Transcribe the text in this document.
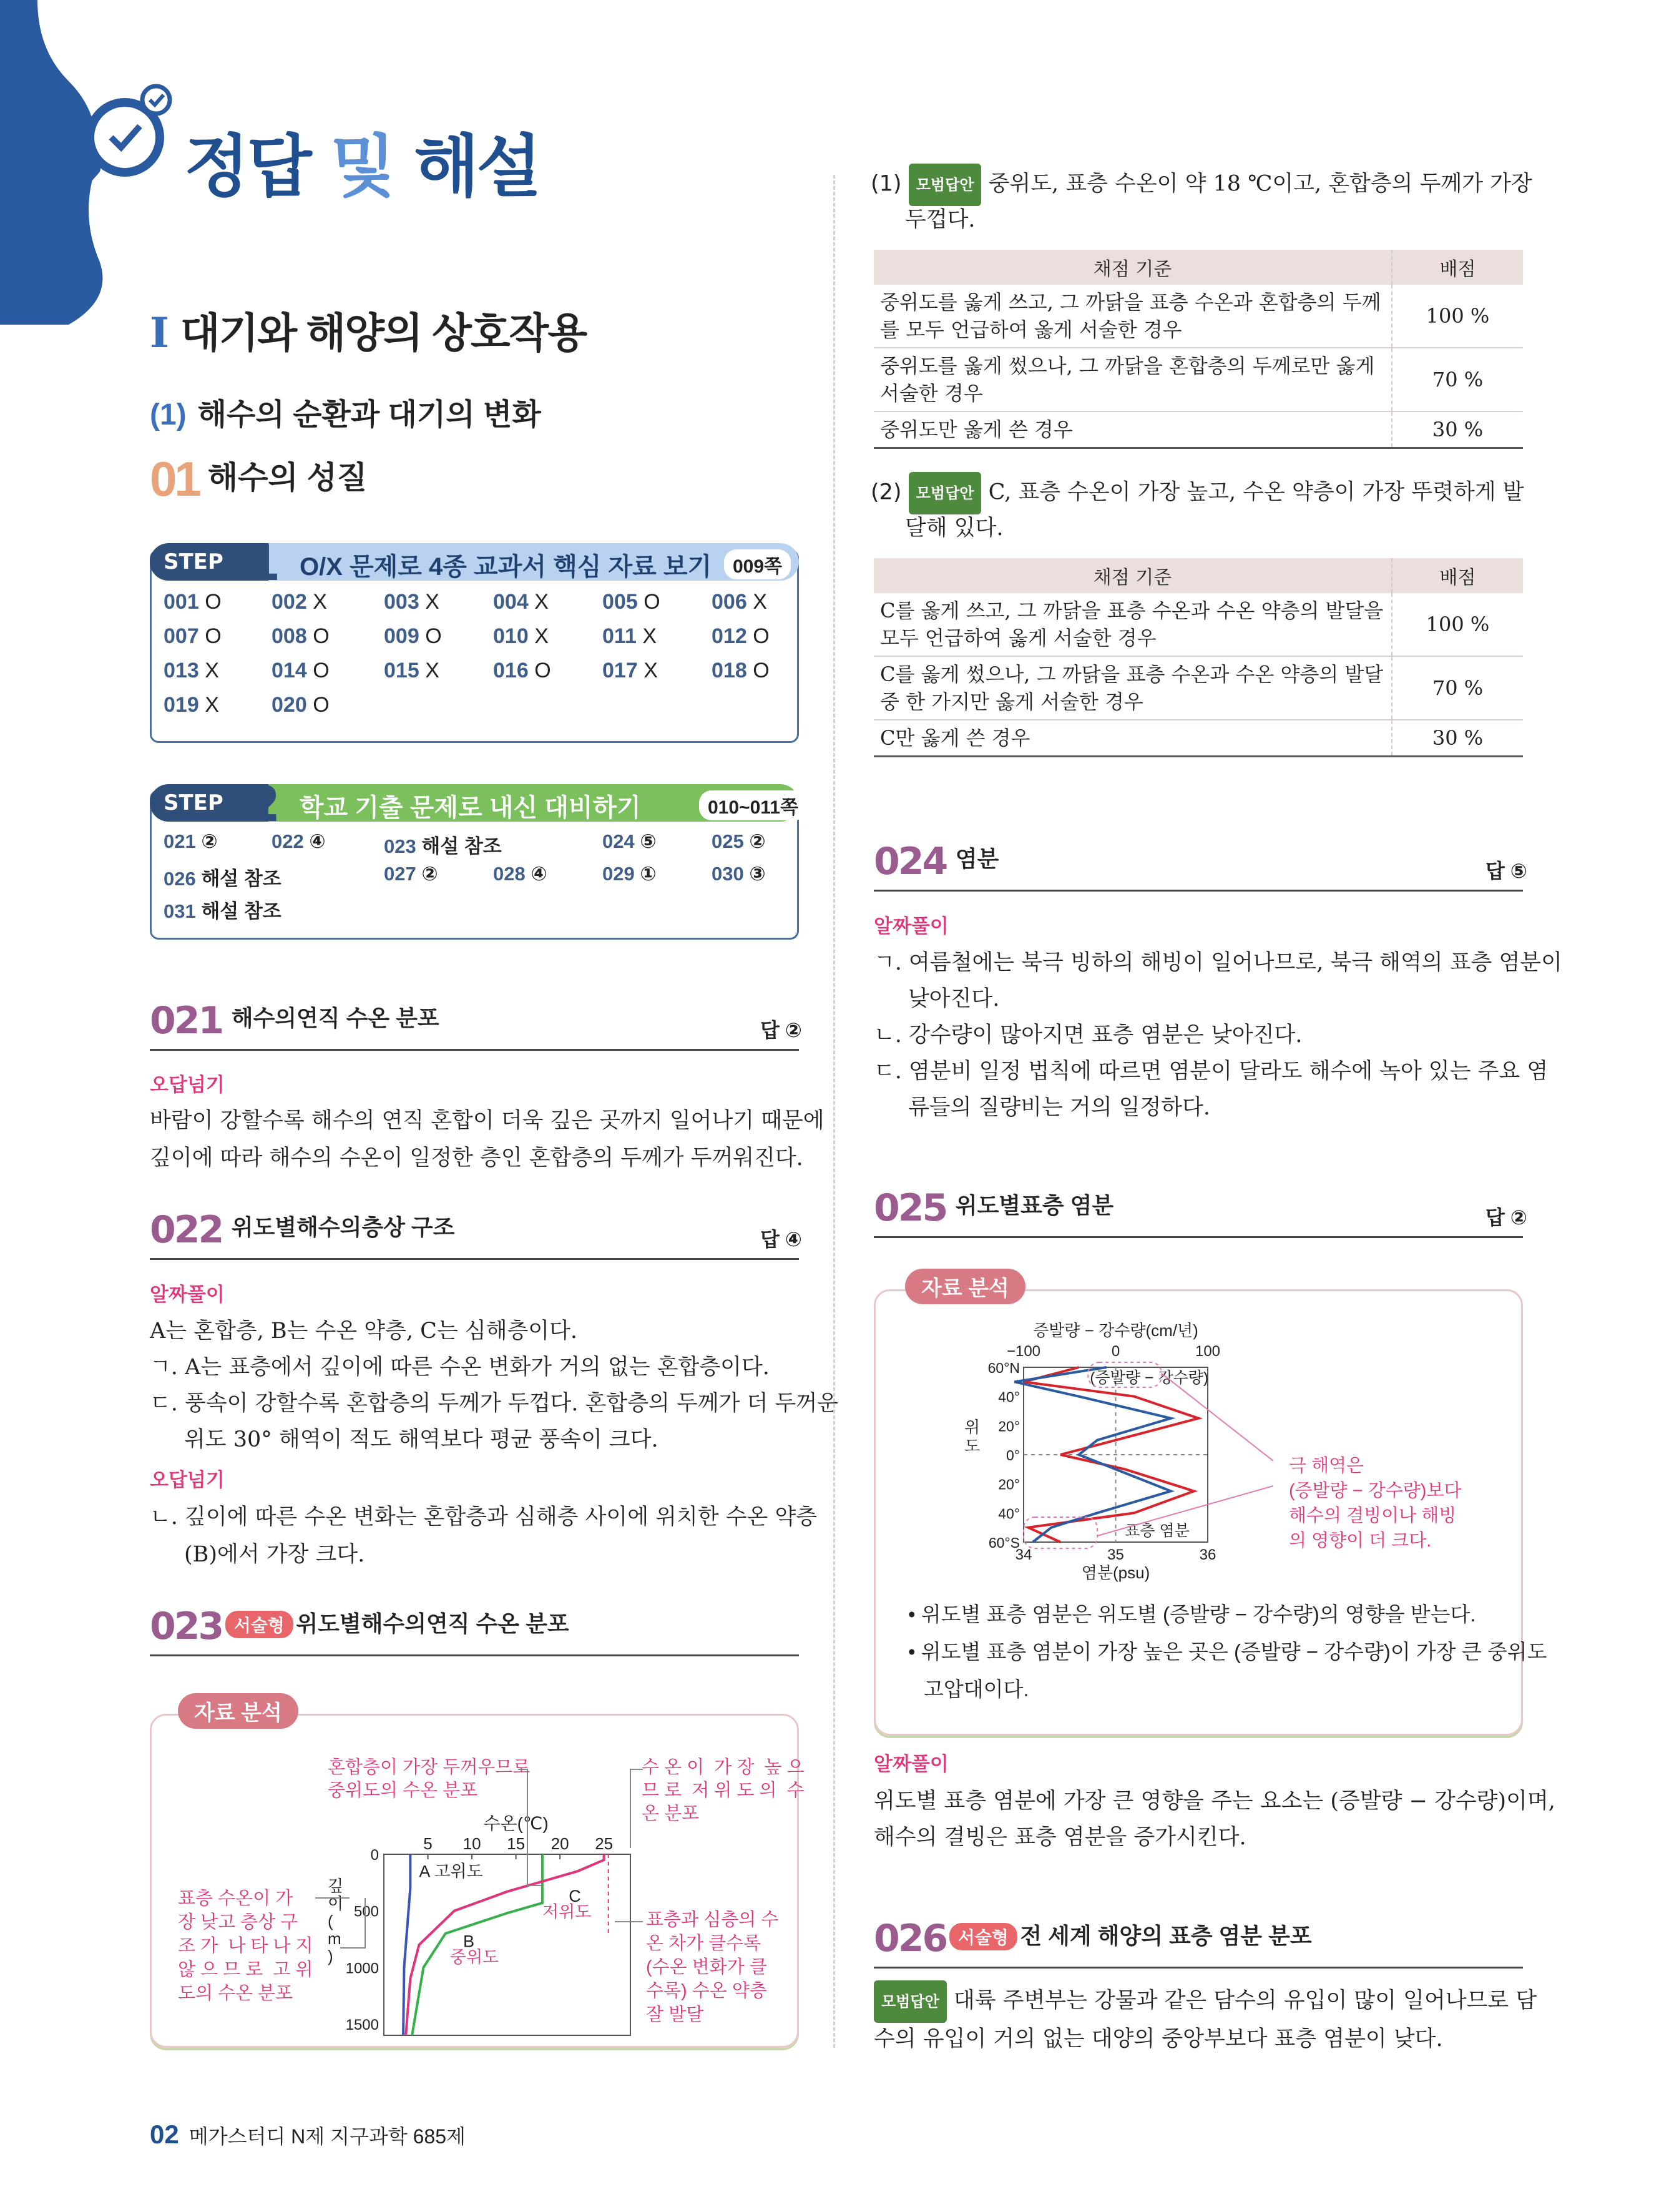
정답 및 해설
I 대기와 해양의 상호작용
(1) 해수의 순환과 대기의 변화
01 해수의 성질
STEP 1 O/X 문제로 4종 교과서 핵심 자료 보기	009쪽
001 O 002 X	003 X	004 X	005 O 006 X
007 O 008 O	009 O 010 X	011 X	012 O
013 X 014 O	015 X	016 O 017 X	018 O
019 X 020 O
STEP 2 학교 기출 문제로 내신 대비하기	010~011쪽
021 ②	022 ④	023 해설 참조	024 ⑤	025 ②
026 해설 참조	027 ②	028 ④	029 ①	030 ③
031 해설 참조
021 해수의연직 수온 분포	답 ②
오답넘기
바람이 강할수록 해수의 연직 혼합이 더욱 깊은 곳까지 일어나기 때문에
깊이에 따라 해수의 수온이 일정한 층인 혼합층의 두께가 두꺼워진다.
022 위도별해수의층상 구조	답 ④
알짜풀이
A는 혼합층, B는 수온 약층, C는 심해층이다.
ㄱ. A는 표층에서 깊이에 따른 수온 변화가 거의 없는 혼합층이다.
ㄷ. 풍속이 강할수록 혼합층의 두께가 두껍다. 혼합층의 두께가 더 두꺼운
위도 30° 해역이 적도 해역보다 평균 풍속이 크다.
오답넘기
ㄴ. 깊이에 따른 수온 변화는 혼합층과 심해층 사이에 위치한 수온 약층
(B)에서 가장 크다.
023 서술형 위도별해수의연직 수온 분포
자료 분석
혼합층이 가장 두꺼우므로
중위도의 수온 분포
수 온 이  가 장  높 으
므 로  저 위 도 의  수
온 분포
표층 수온이 가
장 낮고 층상 구
조 가  나 타 나 지
않 으 므 로  고 위
도의 수온 분포
표층과 심층의 수
온 차가 클수록
(수온 변화가 클
수록) 수온 약층
잘 발달
수온(℃)
5 10 15 20 25
0
500
1000
1500
깊
이
(
m
)
A 고위도
B
중위도
C
저위도
(1) 모범답안 중위도, 표층 수온이 약 18 ℃이고, 혼합층의 두께가 가장
두껍다.
채점 기준	배점
중위도를 옳게 쓰고, 그 까닭을 표층 수온과 혼합층의 두께를 모두 언급하여 옳게 서술한 경우	100 %
중위도를 옳게 썼으나, 그 까닭을 혼합층의 두께로만 옳게 서술한 경우	70 %
중위도만 옳게 쓴 경우	30 %
(2) 모범답안 C, 표층 수온이 가장 높고, 수온 약층이 가장 뚜렷하게 발
달해 있다.
채점 기준	배점
C를 옳게 쓰고, 그 까닭을 표층 수온과 수온 약층의 발달을 모두 언급하여 옳게 서술한 경우	100 %
C를 옳게 썼으나, 그 까닭을 표층 수온과 수온 약층의 발달 중 한 가지만 옳게 서술한 경우	70 %
C만 옳게 쓴 경우	30 %
024 염분	답 ⑤
알짜풀이
ㄱ. 여름철에는 북극 빙하의 해빙이 일어나므로, 북극 해역의 표층 염분이
낮아진다.
ㄴ. 강수량이 많아지면 표층 염분은 낮아진다.
ㄷ. 염분비 일정 법칙에 따르면 염분이 달라도 해수에 녹아 있는 주요 염
류들의 질량비는 거의 일정하다.
025 위도별표층 염분	답 ②
자료 분석
증발량 − 강수량(cm/년)
−100	0	100
60°N
40°
20°
0°
20°
40°
60°S
위
도
34	35	36
염분(psu)
(증발량 − 강수량)
표층 염분
극 해역은
(증발량 − 강수량)보다
해수의 결빙이나 해빙
의 영향이 더 크다.
• 위도별 표층 염분은 위도별 (증발량 − 강수량)의 영향을 받는다.
• 위도별 표층 염분이 가장 높은 곳은 (증발량 − 강수량)이 가장 큰 중위도
고압대이다.
알짜풀이
위도별 표층 염분에 가장 큰 영향을 주는 요소는 (증발량 − 강수량)이며,
해수의 결빙은 표층 염분을 증가시킨다.
026 서술형 전 세계 해양의 표층 염분 분포
모범답안 대륙 주변부는 강물과 같은 담수의 유입이 많이 일어나므로 담
수의 유입이 거의 없는 대양의 중앙부보다 표층 염분이 낮다.
02 메가스터디 N제 지구과학 685제
